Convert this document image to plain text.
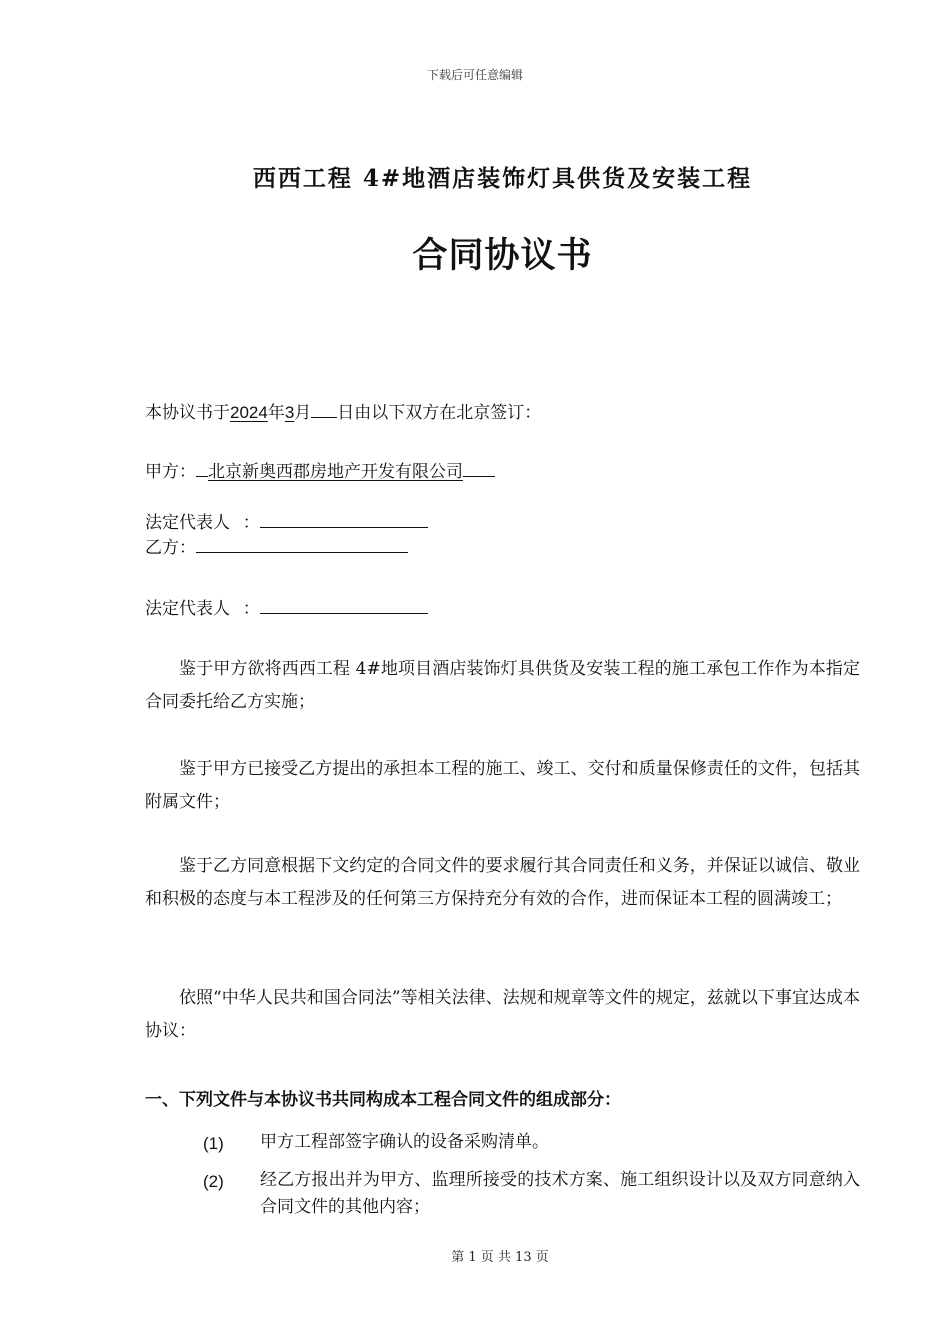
下载后可任意编辑
西西工程 4#地酒店装饰灯具供货及安装工程
合同协议书
本协议书于2024年3月 日由以下双方在北京签订：
甲方： 北京新奥西郡房地产开发有限公司
法定代表人 ：
乙方：
法定代表人 ：
鉴于甲方欲将西西工程 4#地项目酒店装饰灯具供货及安装工程的施工承包工作作为本指定合同委托给乙方实施；
鉴于甲方已接受乙方提出的承担本工程的施工、竣工、交付和质量保修责任的文件，包括其附属文件；
鉴于乙方同意根据下文约定的合同文件的要求履行其合同责任和义务，并保证以诚信、敬业和积极的态度与本工程涉及的任何第三方保持充分有效的合作，进而保证本工程的圆满竣工；
依照“中华人民共和国合同法”等相关法律、法规和规章等文件的规定，兹就以下事宜达成本协议：
一、下列文件与本协议书共同构成本工程合同文件的组成部分：
(1) 甲方工程部签字确认的设备采购清单。
(2) 经乙方报出并为甲方、监理所接受的技术方案、施工组织设计以及双方同意纳入合同文件的其他内容；
第 1 页 共 13 页
